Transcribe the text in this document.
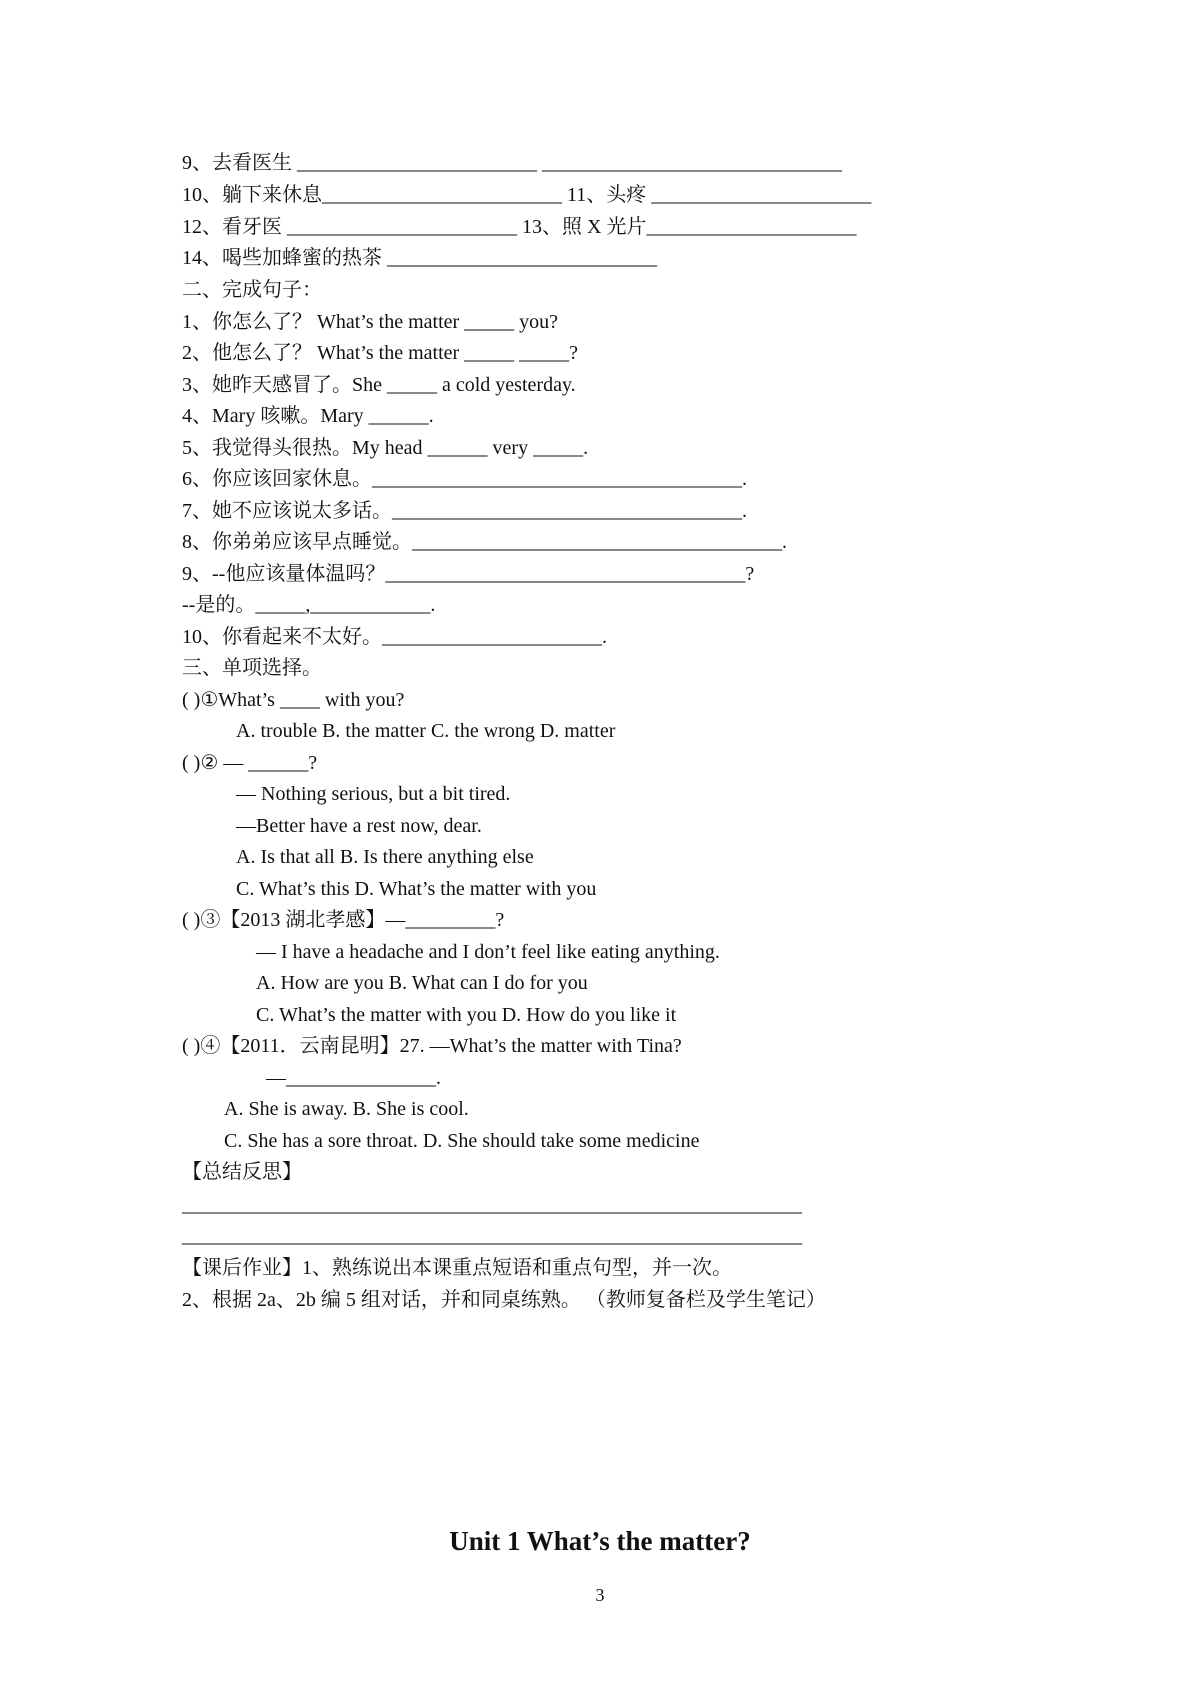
9、去看医生 ________________________ ______________________________
10、躺下来休息________________________ 11、头疼 ______________________
12、看牙医 _______________________ 13、照 X 光片_____________________
14、喝些加蜂蜜的热茶 ___________________________
二、完成句子：
1、你怎么了？ What’s the matter _____ you?
2、他怎么了？ What’s the matter _____ _____?
3、她昨天感冒了。She _____ a cold yesterday.
4、Mary 咳嗽。Mary ______.
5、我觉得头很热。My head ______ very _____.
6、你应该回家休息。_____________________________________.
7、她不应该说太多话。___________________________________.
8、你弟弟应该早点睡觉。_____________________________________.
9、--他应该量体温吗？____________________________________?
--是的。_____,____________.
10、你看起来不太好。______________________.
三、单项选择。
( )①What’s ____ with you?
A. trouble B. the matter C. the wrong D. matter
( )② — ______?
— Nothing serious, but a bit tired.
—Better have a rest now, dear.
A. Is that all B. Is there anything else
C. What’s this D. What’s the matter with you
( )③【2013 湖北孝感】—_________?
— I have a headache and I don’t feel like eating anything.
A. How are you B. What can I do for you
C. What’s the matter with you D. How do you like it
( )④【2011．云南昆明】27. —What’s the matter with Tina?
—_______________.
A. She is away. B. She is cool.
C. She has a sore throat. D. She should take some medicine
【总结反思】
______________________________________________________________
______________________________________________________________
【课后作业】1、熟练说出本课重点短语和重点句型，并一次。
2、根据 2a、2b 编 5 组对话，并和同桌练熟。 （教师复备栏及学生笔记）
Unit 1 What’s the matter?
3
